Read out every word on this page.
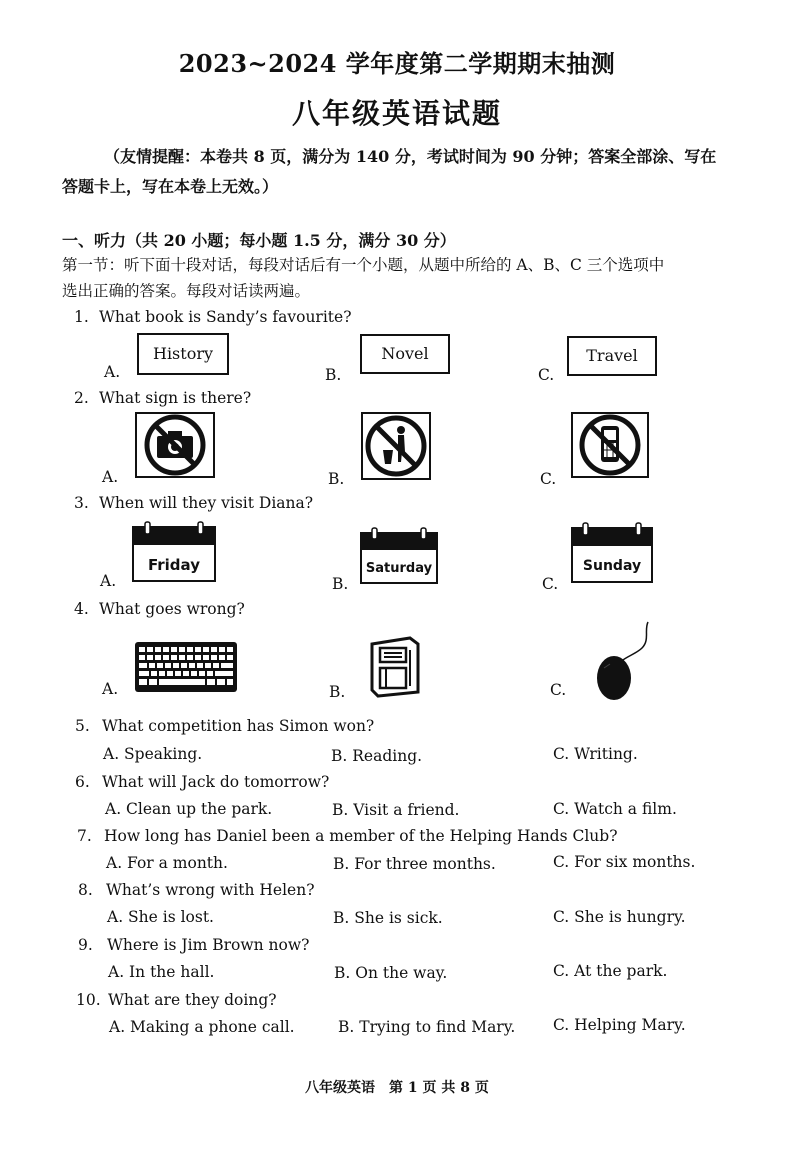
2023~2024 学年度第二学期期末抽测
八年级英语试题
（友情提醒：本卷共 8 页，满分为 140 分，考试时间为 90 分钟；答案全部涂、写在
答题卡上，写在本卷上无效。）
一、听力（共 20 小题；每小题 1.5 分，满分 30 分）
第一节：听下面十段对话，每段对话后有一个小题，从题中所给的 A、B、C 三个选项中
选出正确的答案。每段对话读两遍。
1. What book is Sandy’s favourite?
A.
History
B.
Novel
C.
Travel
2. What sign is there?
A.	B.	C.
3. When will they visit Diana?
A.
Friday
B.
Saturday
C.
Sunday
4. What goes wrong?
A.	B.	C.
5. What competition has Simon won?
A. Speaking.	B. Reading.	C. Writing.
6. What will Jack do tomorrow?
A. Clean up the park.	B. Visit a friend.	C. Watch a film.
7. How long has Daniel been a member of the Helping Hands Club?
A. For a month.	B. For three months.	C. For six months.
8. What’s wrong with Helen?
A. She is lost.	B. She is sick.	C. She is hungry.
9. Where is Jim Brown now?
A. In the hall.	B. On the way.	C. At the park.
10. What are they doing?
A. Making a phone call.	B. Trying to find Mary. C. Helping Mary.
八年级英语　第 1 页 共 8 页
